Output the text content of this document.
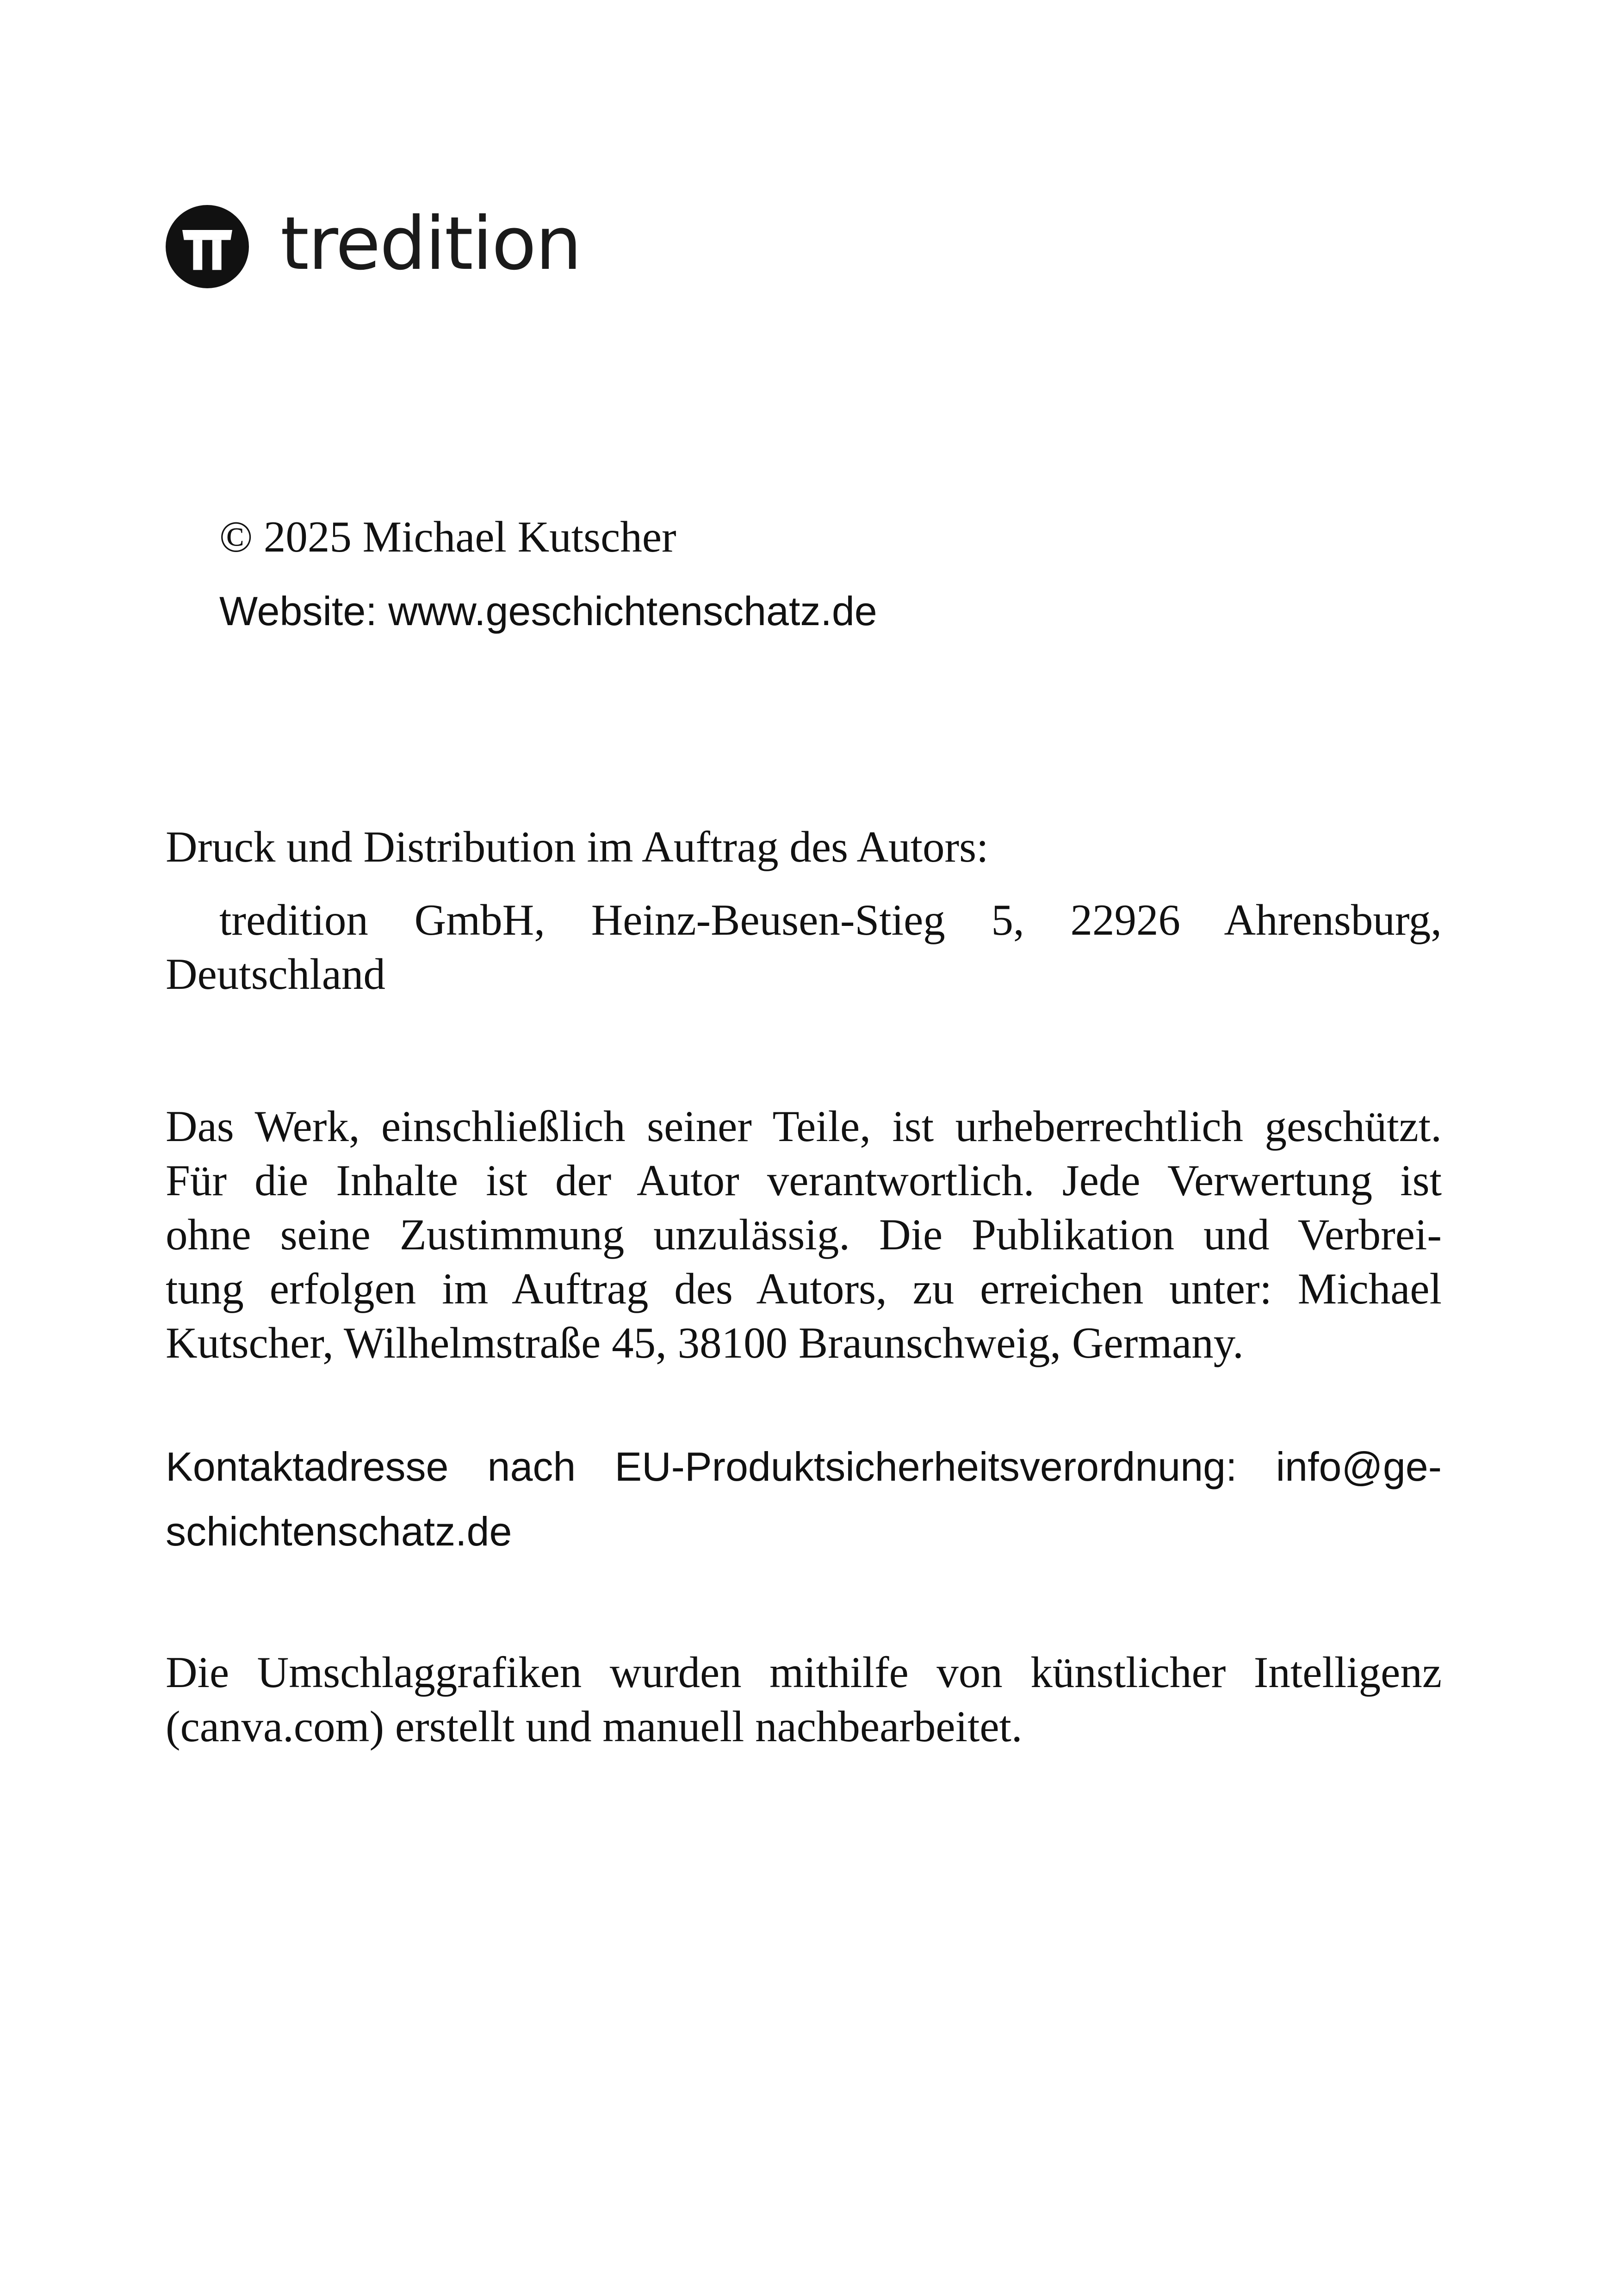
tredition

© 2025 Michael Kutscher

Website: www.geschichtenschatz.de

Druck und Distribution im Auftrag des Autors:

tredition GmbH, Heinz-Beusen-Stieg 5, 22926 Ahrensburg,
Deutschland
Das Werk, einschließlich seiner Teile, ist urheberrechtlich geschützt.
Für die Inhalte ist der Autor verantwortlich. Jede Verwertung ist
ohne seine Zustimmung unzulässig. Die Publikation und Verbrei-
tung erfolgen im Auftrag des Autors, zu erreichen unter: Michael
Kutscher, Wilhelmstraße 45, 38100 Braunschweig, Germany.
Kontaktadresse nach EU-Produktsicherheitsverordnung: info@ge-
schichtenschatz.de
Die Umschlaggrafiken wurden mithilfe von künstlicher Intelligenz
(canva.com) erstellt und manuell nachbearbeitet.
